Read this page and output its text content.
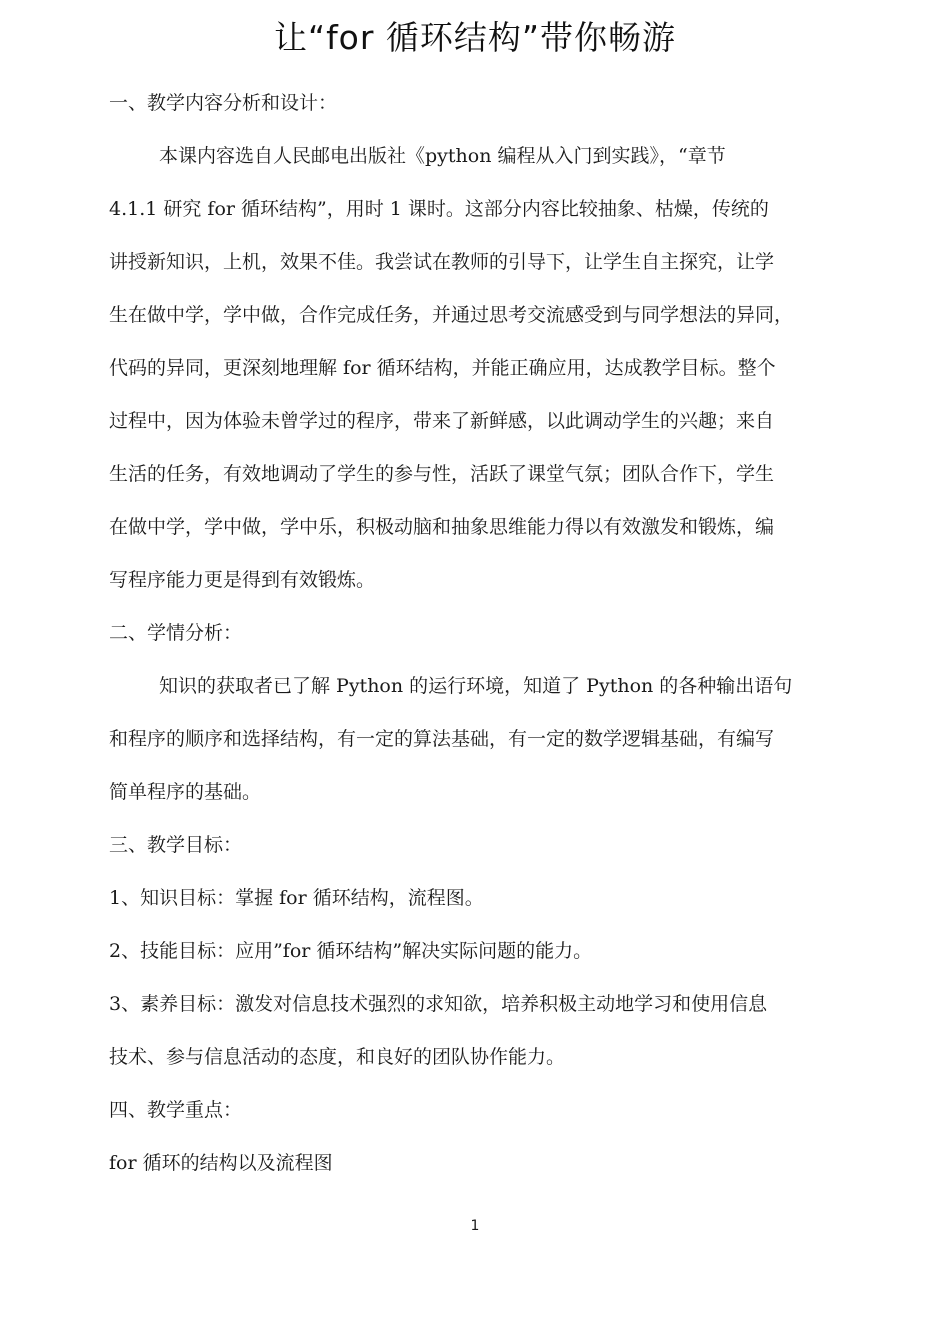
让“for 循环结构”带你畅游
一、教学内容分析和设计：
本课内容选自人民邮电出版社《python 编程从入门到实践》，“章节
4.1.1 研究 for 循环结构”，用时 1 课时。这部分内容比较抽象、枯燥，传统的
讲授新知识，上机，效果不佳。我尝试在教师的引导下，让学生自主探究，让学
生在做中学，学中做，合作完成任务，并通过思考交流感受到与同学想法的异同，
代码的异同，更深刻地理解 for 循环结构，并能正确应用，达成教学目标。整个
过程中，因为体验未曾学过的程序，带来了新鲜感，以此调动学生的兴趣；来自
生活的任务，有效地调动了学生的参与性，活跃了课堂气氛；团队合作下，学生
在做中学，学中做，学中乐，积极动脑和抽象思维能力得以有效激发和锻炼，编
写程序能力更是得到有效锻炼。
二、学情分析：
知识的获取者已了解 Python 的运行环境，知道了 Python 的各种输出语句
和程序的顺序和选择结构，有一定的算法基础，有一定的数学逻辑基础，有编写
简单程序的基础。
三、教学目标：
1、知识目标：掌握 for 循环结构，流程图。
2、技能目标：应用”for 循环结构”解决实际问题的能力。
3、素养目标：激发对信息技术强烈的求知欲，培养积极主动地学习和使用信息
技术、参与信息活动的态度，和良好的团队协作能力。
四、教学重点：
for 循环的结构以及流程图
1
